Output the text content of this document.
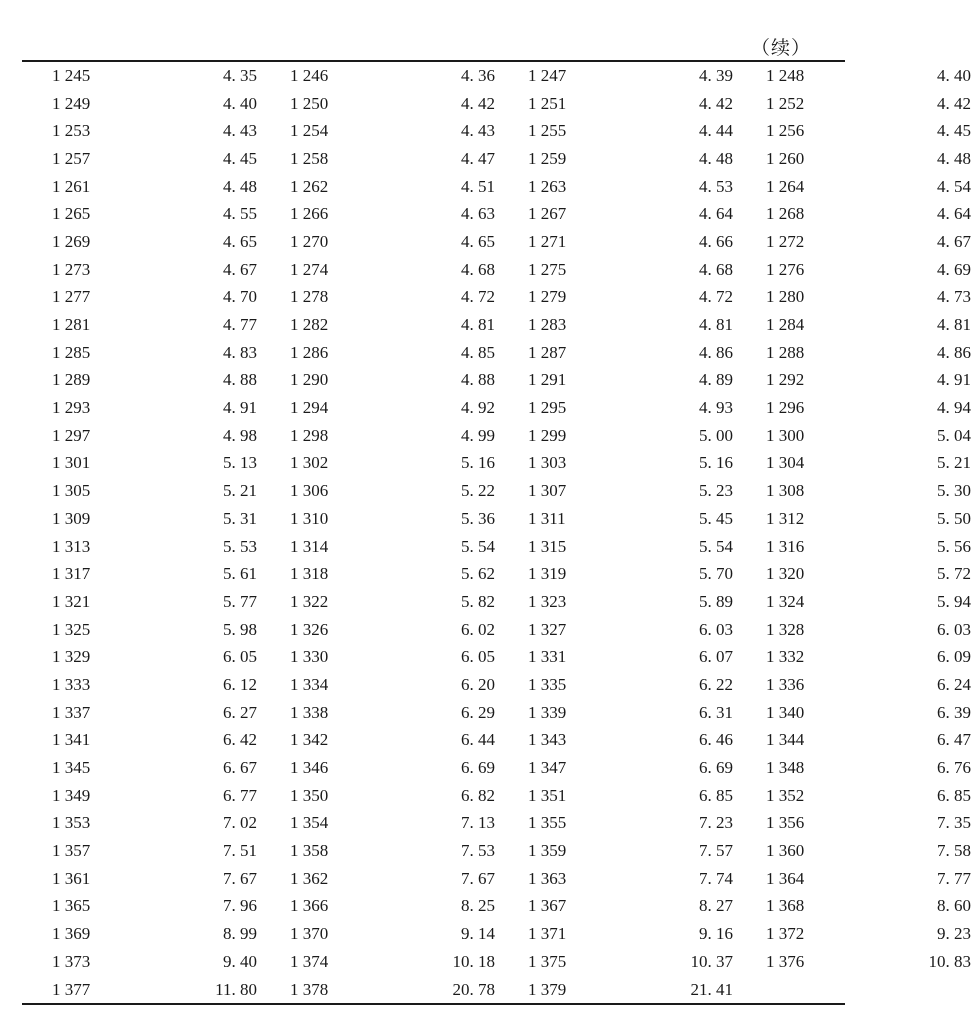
（续）
1 245	4. 35	1 246	4. 36	1 247	4. 39	1 248	4. 40
1 249	4. 40	1 250	4. 42	1 251	4. 42	1 252	4. 42
1 253	4. 43	1 254	4. 43	1 255	4. 44	1 256	4. 45
1 257	4. 45	1 258	4. 47	1 259	4. 48	1 260	4. 48
1 261	4. 48	1 262	4. 51	1 263	4. 53	1 264	4. 54
1 265	4. 55	1 266	4. 63	1 267	4. 64	1 268	4. 64
1 269	4. 65	1 270	4. 65	1 271	4. 66	1 272	4. 67
1 273	4. 67	1 274	4. 68	1 275	4. 68	1 276	4. 69
1 277	4. 70	1 278	4. 72	1 279	4. 72	1 280	4. 73
1 281	4. 77	1 282	4. 81	1 283	4. 81	1 284	4. 81
1 285	4. 83	1 286	4. 85	1 287	4. 86	1 288	4. 86
1 289	4. 88	1 290	4. 88	1 291	4. 89	1 292	4. 91
1 293	4. 91	1 294	4. 92	1 295	4. 93	1 296	4. 94
1 297	4. 98	1 298	4. 99	1 299	5. 00	1 300	5. 04
1 301	5. 13	1 302	5. 16	1 303	5. 16	1 304	5. 21
1 305	5. 21	1 306	5. 22	1 307	5. 23	1 308	5. 30
1 309	5. 31	1 310	5. 36	1 311	5. 45	1 312	5. 50
1 313	5. 53	1 314	5. 54	1 315	5. 54	1 316	5. 56
1 317	5. 61	1 318	5. 62	1 319	5. 70	1 320	5. 72
1 321	5. 77	1 322	5. 82	1 323	5. 89	1 324	5. 94
1 325	5. 98	1 326	6. 02	1 327	6. 03	1 328	6. 03
1 329	6. 05	1 330	6. 05	1 331	6. 07	1 332	6. 09
1 333	6. 12	1 334	6. 20	1 335	6. 22	1 336	6. 24
1 337	6. 27	1 338	6. 29	1 339	6. 31	1 340	6. 39
1 341	6. 42	1 342	6. 44	1 343	6. 46	1 344	6. 47
1 345	6. 67	1 346	6. 69	1 347	6. 69	1 348	6. 76
1 349	6. 77	1 350	6. 82	1 351	6. 85	1 352	6. 85
1 353	7. 02	1 354	7. 13	1 355	7. 23	1 356	7. 35
1 357	7. 51	1 358	7. 53	1 359	7. 57	1 360	7. 58
1 361	7. 67	1 362	7. 67	1 363	7. 74	1 364	7. 77
1 365	7. 96	1 366	8. 25	1 367	8. 27	1 368	8. 60
1 369	8. 99	1 370	9. 14	1 371	9. 16	1 372	9. 23
1 373	9. 40	1 374	10. 18	1 375	10. 37	1 376	10. 83
1 377	11. 80	1 378	20. 78	1 379	21. 41		
